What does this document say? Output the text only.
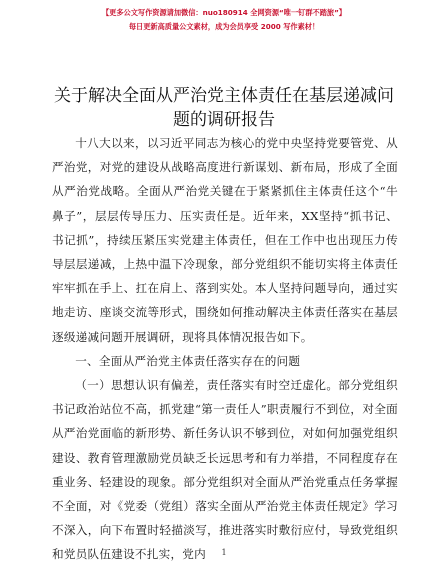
【更多公文写作资源请加微信：nuo180914 全网资源“唯一钉群不踏旅”】
每日更新高质量公文素材，成为会员享受 2000 写作素材！
关于解决全面从严治党主体责任在基层递减问
题的调研报告

十八大以来，以习近平同志为核心的党中央坚持党要管党、从严治党，对党的建设从战略高度进行新谋划、新布局，形成了全面从严治党战略。全面从严治党关键在于紧紧抓住主体责任这个“牛鼻子”，层层传导压力、压实责任是。近年来，XX坚持“抓书记、书记抓”，持续压紧压实党建主体责任，但在工作中也出现压力传导层层递减，上热中温下冷现象，部分党组织不能切实将主体责任牢牢抓在手上、扛在肩上、落到实处。本人坚持问题导向，通过实地走访、座谈交流等形式，围绕如何推动解决主体责任落实在基层逐级递减问题开展调研，现将具体情况报告如下。

一、全面从严治党主体责任落实存在的问题

（一）思想认识有偏差，责任落实有时空迁虚化。部分党组织书记政治站位不高，抓党建“第一责任人”职责履行不到位，对全面从严治党面临的新形势、新任务认识不够到位，对如何加强党组织建设、教育管理激励党员缺乏长远思考和有力举措，不同程度存在重业务、轻建设的现象。部分党组织对全面从严治党重点任务掌握不全面，对《党委（党组）落实全面从严治党主体责任规定》学习不深入，向下布置时轻描淡写，推进落实时敷衍应付，导致党组织和党员队伍建设不扎实，党内	1
